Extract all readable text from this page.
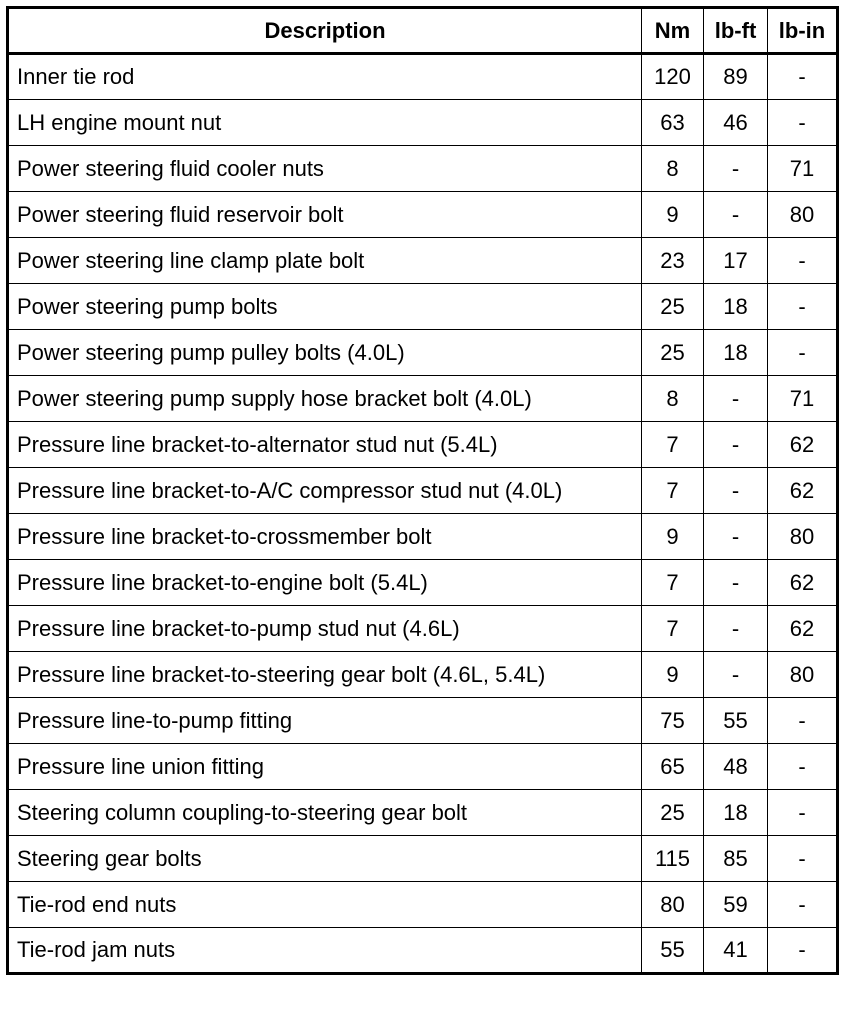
Description	Nm	lb-ft	lb-in
Inner tie rod	120	89	-
LH engine mount nut	63	46	-
Power steering fluid cooler nuts	8	-	71
Power steering fluid reservoir bolt	9	-	80
Power steering line clamp plate bolt	23	17	-
Power steering pump bolts	25	18	-
Power steering pump pulley bolts (4.0L)	25	18	-
Power steering pump supply hose bracket bolt (4.0L)	8	-	71
Pressure line bracket-to-alternator stud nut (5.4L)	7	-	62
Pressure line bracket-to-A/C compressor stud nut (4.0L)	7	-	62
Pressure line bracket-to-crossmember bolt	9	-	80
Pressure line bracket-to-engine bolt (5.4L)	7	-	62
Pressure line bracket-to-pump stud nut (4.6L)	7	-	62
Pressure line bracket-to-steering gear bolt (4.6L, 5.4L)	9	-	80
Pressure line-to-pump fitting	75	55	-
Pressure line union fitting	65	48	-
Steering column coupling-to-steering gear bolt	25	18	-
Steering gear bolts	115	85	-
Tie-rod end nuts	80	59	-
Tie-rod jam nuts	55	41	-
